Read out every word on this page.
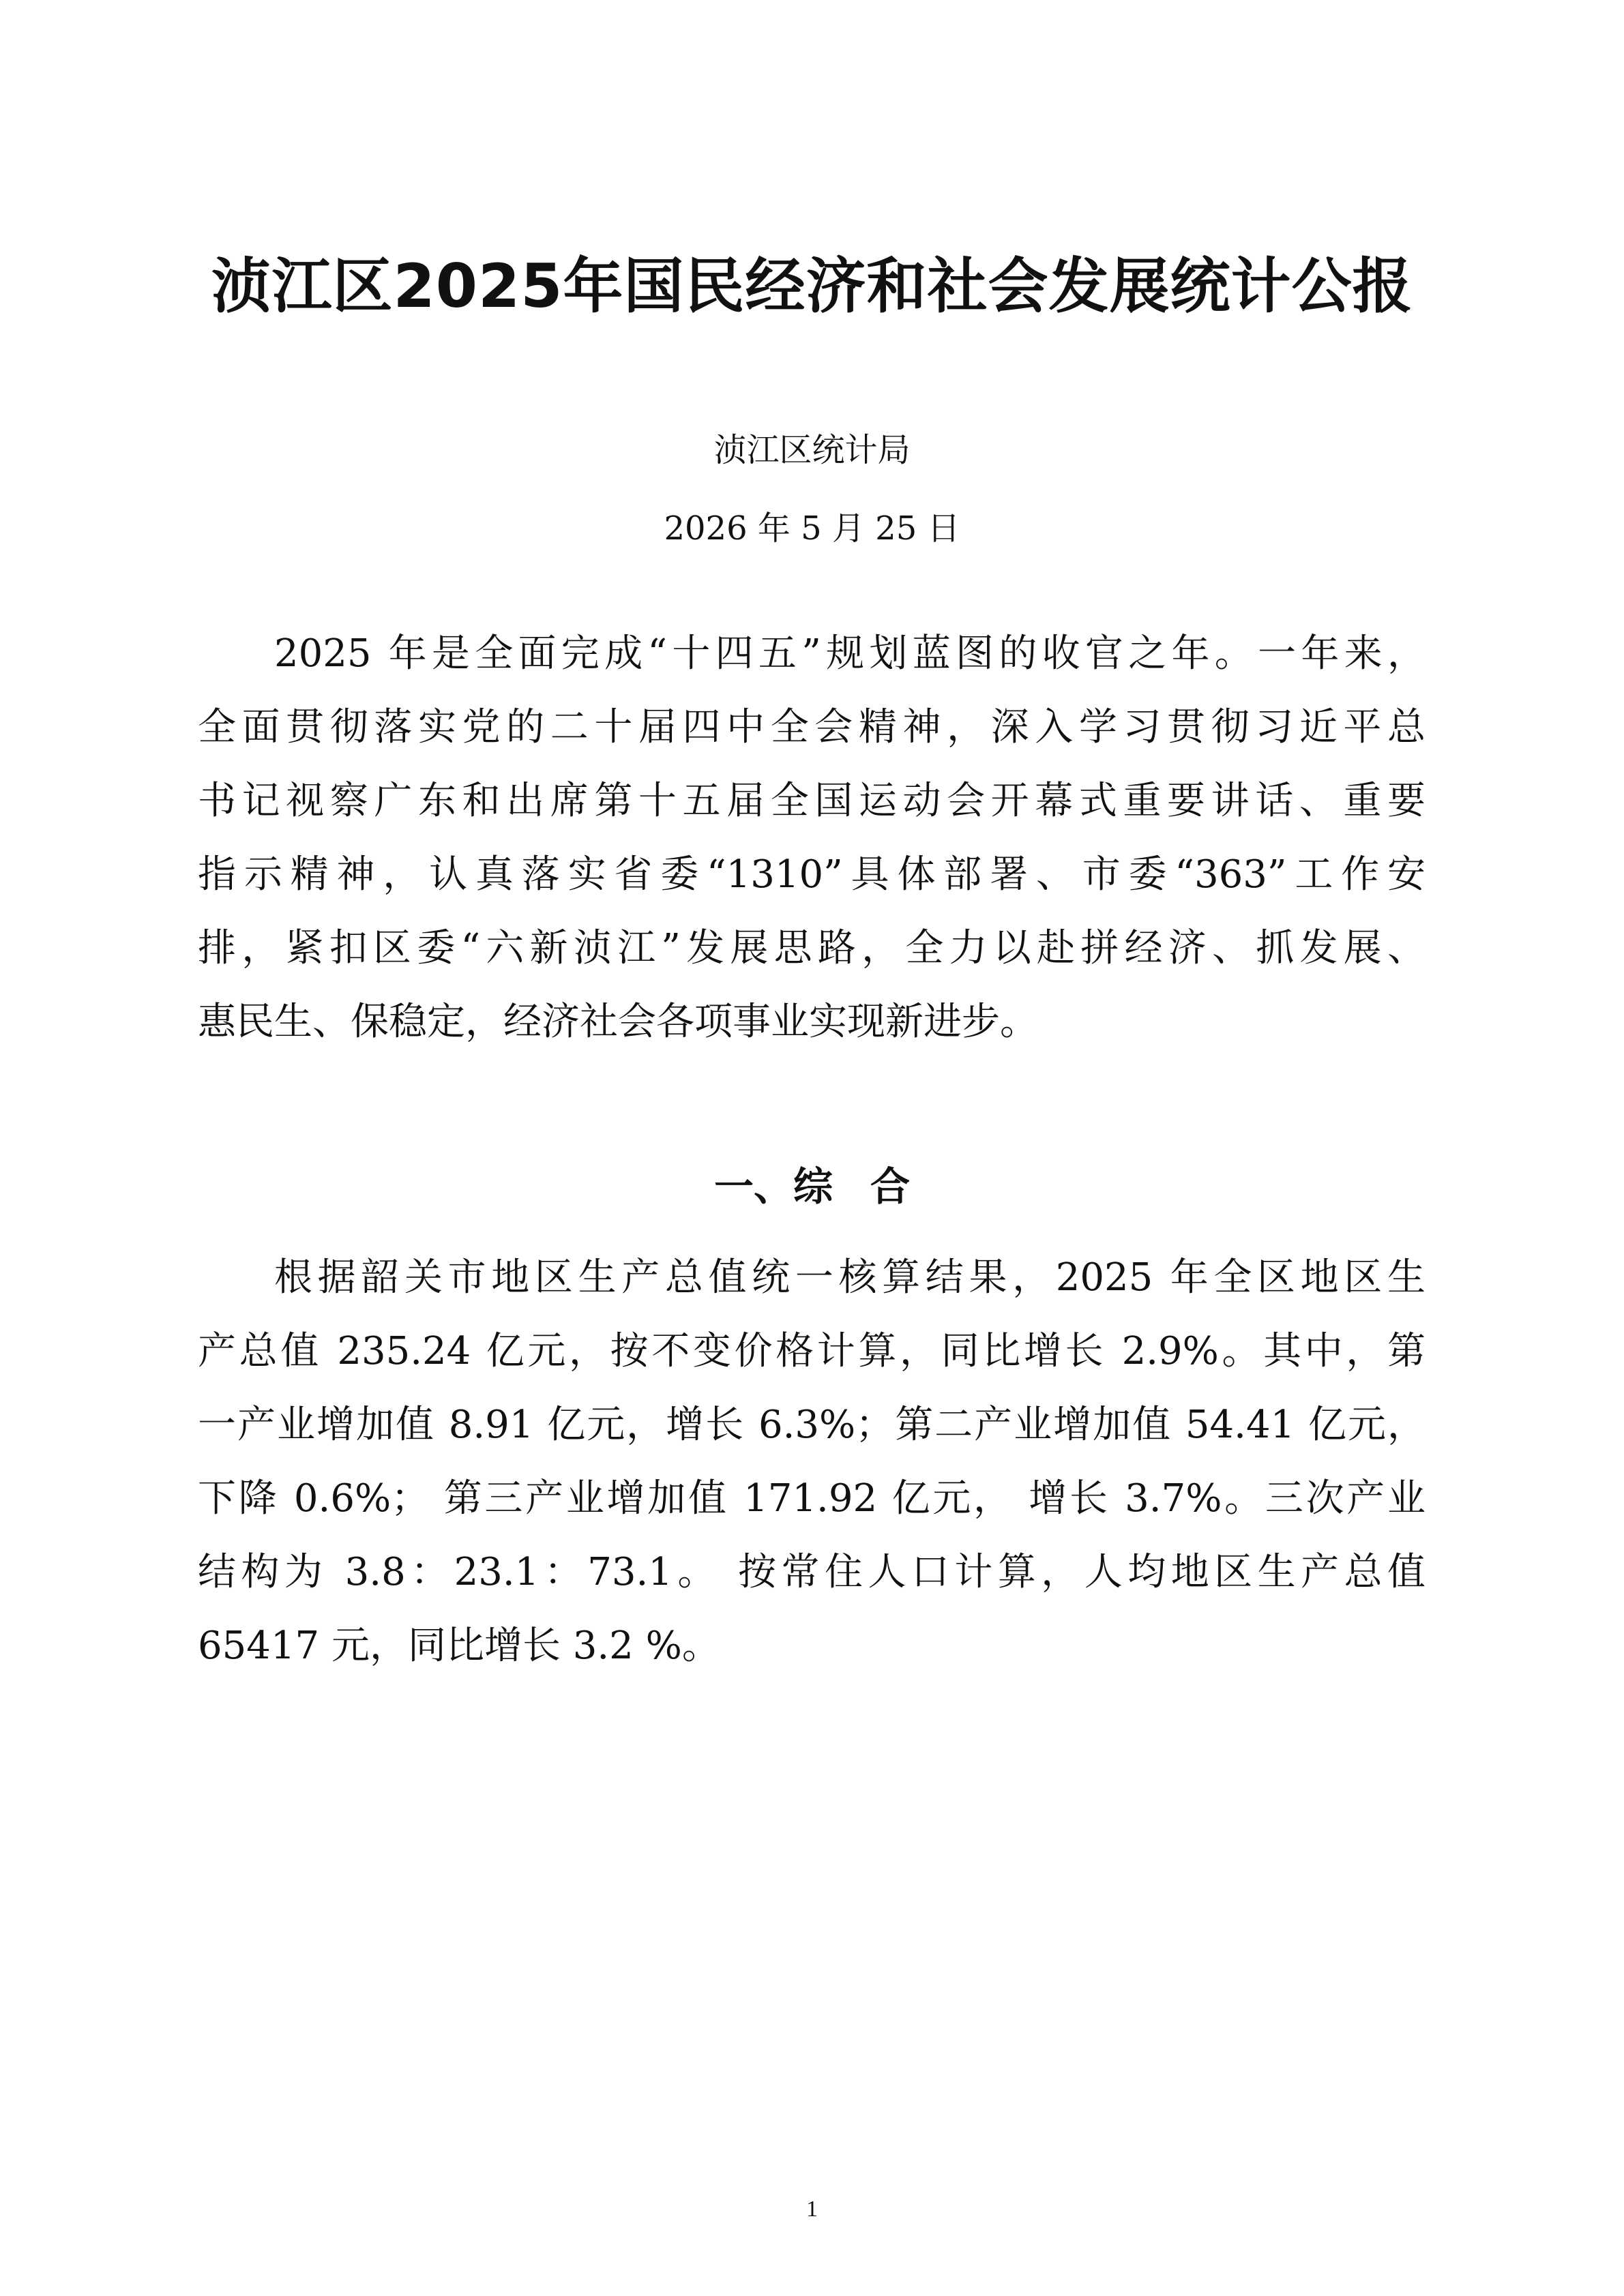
浈江区2025年国民经济和社会发展统计公报
浈江区统计局
2026 年 5 月 25 日
2025 年是全面完成“十四五”规划蓝图的收官之年。一年来，
全面贯彻落实党的二十届四中全会精神，深入学习贯彻习近平总
书记视察广东和出席第十五届全国运动会开幕式重要讲话、重要
指示精神，认真落实省委“1310”具体部署、市委“363”工作安
排，紧扣区委“六新浈江”发展思路，全力以赴拼经济、抓发展、
惠民生、保稳定，经济社会各项事业实现新进步。
一、综 合
根据韶关市地区生产总值统一核算结果，2025 年全区地区生
产总值 235.24 亿元，按不变价格计算，同比增长 2.9%。其中，第
一产业增加值 8.91 亿元，增长 6.3%；第二产业增加值 54.41 亿元，
下降 0.6%； 第三产业增加值 171.92 亿元， 增长 3.7%。三次产业
结构为 3.8：23.1：73.1。 按常住人口计算，人均地区生产总值
65417 元，同比增长 3.2 %。
1
